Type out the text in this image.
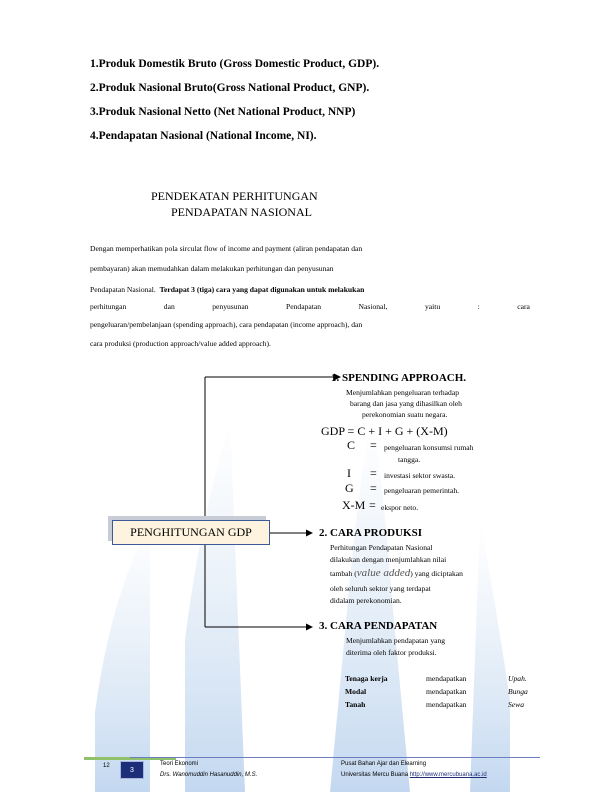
1.Produk Domestik Bruto (Gross Domestic Product, GDP).
2.Produk Nasional Bruto(Gross National Product, GNP).
3.Produk Nasional Netto (Net National Product, NNP)
4.Pendapatan Nasional (National Income, NI).
PENDEKATAN PERHITUNGAN
PENDAPATAN NASIONAL
Dengan memperhatikan pola sirculat flow of income and payment (aliran pendapatan dan
pembayaran) akan memudahkan dalam melakukan perhitungan dan penyusunan
Pendapatan Nasional. Terdapat 3 (tiga) cara yang dapat digunakan untuk melakukan
perhitungan	dan	penyusunan	Pendapatan	Nasional,	yaitu	:	cara
pengeluaran/pembelanjaan (spending approach), cara pendapatan (income approach), dan
cara produksi (production approach/value added approach).
1. SPENDING APPROACH.
Menjumlahkan pengeluaran terhadap
barang dan jasa yang dihasilkan oleh
perekonomian suatu negara.
GDP = C + I + G + (X-M)
C = pengeluaran konsumsi rumah
tangga.
I = investasi sektor swasta.
G = pengeluaran pemerintah.
X-M = ekspor neto.
PENGHITUNGAN GDP	2. CARA PRODUKSI
Perhitungan Pendapatan Nasional
dilakukan dengan menjumlahkan nilai
tambah (value added) yang diciptakan
oleh seluruh sektor yang terdapat
didalam perekonomian.
3. CARA PENDAPATAN
Menjumlahkan pendapatan yang
diterima oleh faktor produksi.
Tenaga kerja	mendapatkan	Upah.
Modal	mendapatkan	Bunga
Tanah	mendapatkan	Sewa
12
3
Teori Ekonomi
Drs. Wanomuddin Hasanuddin, M.S.
Pusat Bahan Ajar dan Elearning
Universitas Mercu Buana http://www.mercubuana.ac.id
